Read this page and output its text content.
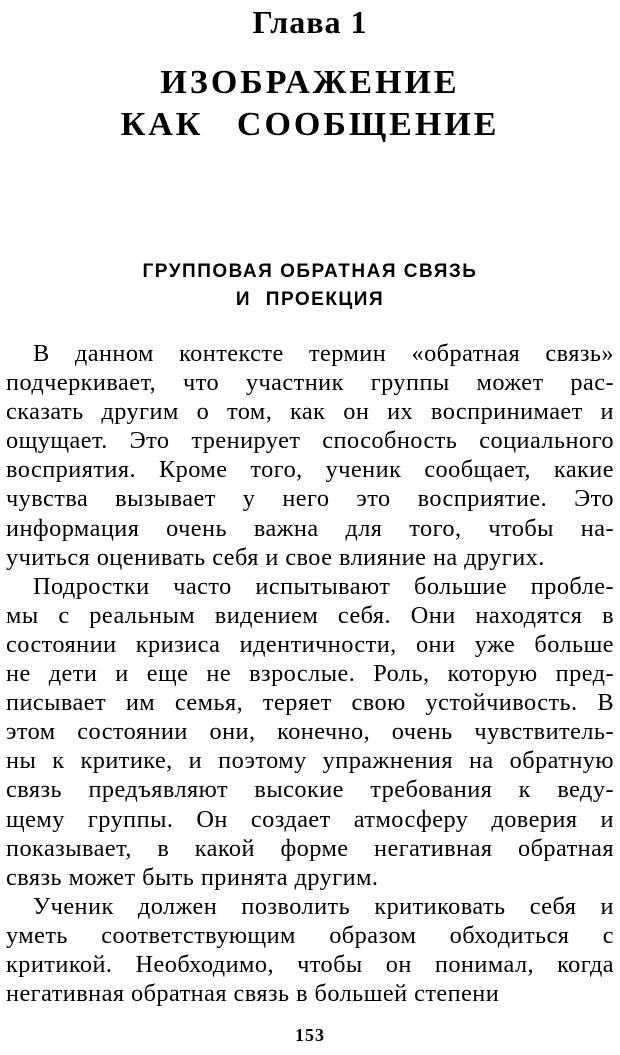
Глава 1
ИЗОБРАЖЕНИЕ
КАК СООБЩЕНИЕ
ГРУППОВАЯ ОБРАТНАЯ СВЯЗЬ
И ПРОЕКЦИЯ
В данном контексте термин «обратная связь»
подчеркивает, что участник группы может рас-
сказать другим о том, как он их воспринимает и
ощущает. Это тренирует способность социального
восприятия. Кроме того, ученик сообщает, какие
чувства вызывает у него это восприятие. Это
информация очень важна для того, чтобы на-
учиться оценивать себя и свое влияние на других.
Подростки часто испытывают большие пробле-
мы с реальным видением себя. Они находятся в
состоянии кризиса идентичности, они уже больше
не дети и еще не взрослые. Роль, которую пред-
писывает им семья, теряет свою устойчивость. В
этом состоянии они, конечно, очень чувствитель-
ны к критике, и поэтому упражнения на обратную
связь предъявляют высокие требования к веду-
щему группы. Он создает атмосферу доверия и
показывает, в какой форме негативная обратная
связь может быть принята другим.
Ученик должен позволить критиковать себя и
уметь соответствующим образом обходиться с
критикой. Необходимо, чтобы он понимал, когда
негативная обратная связь в большей степени
153
